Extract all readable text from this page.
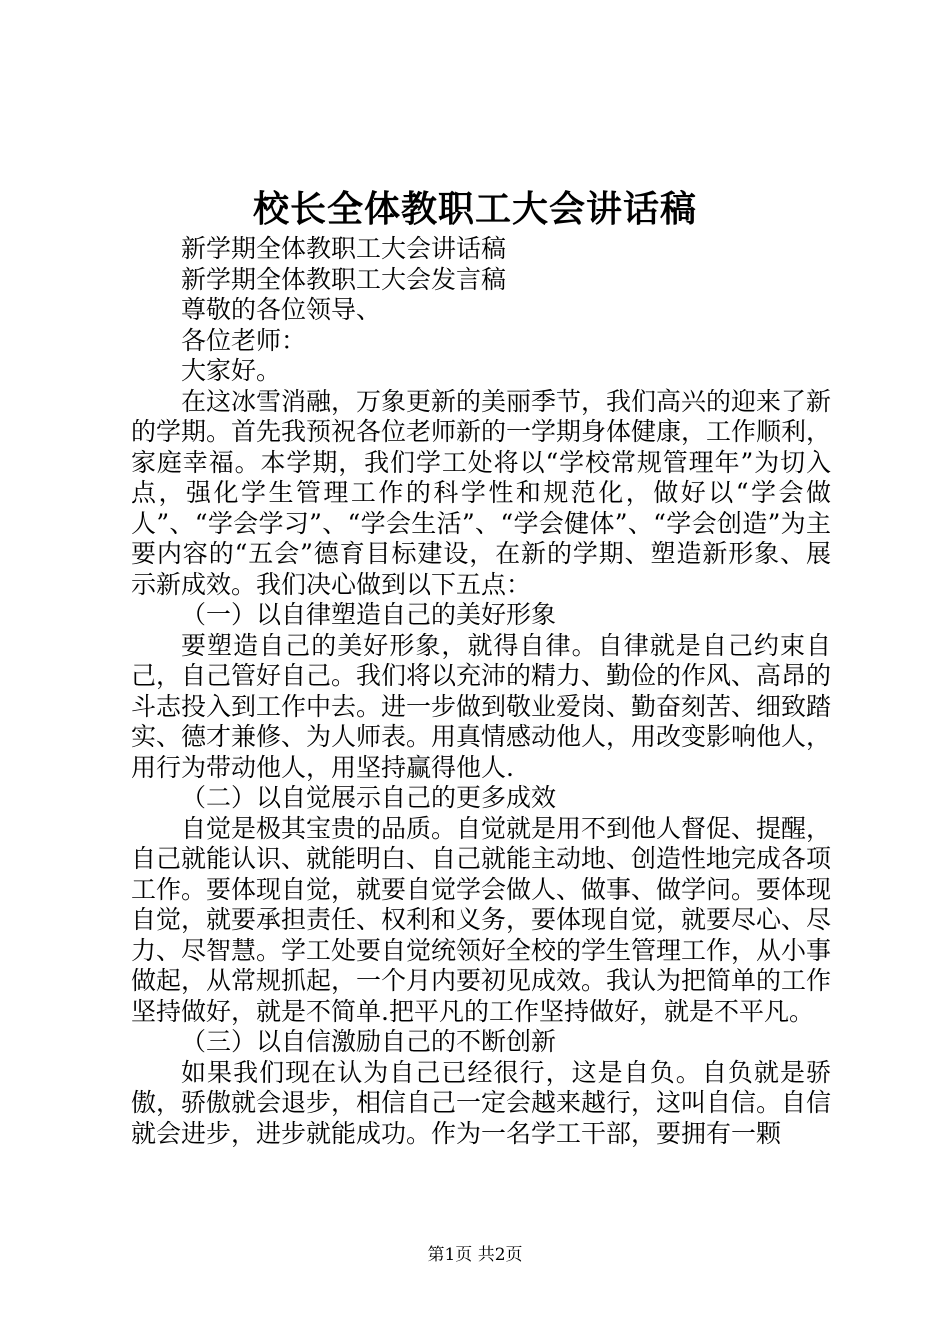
校长全体教职工大会讲话稿

新学期全体教职工大会讲话稿

新学期全体教职工大会发言稿

尊敬的各位领导、

各位老师：

大家好。

在这冰雪消融，万象更新的美丽季节，我们高兴的迎来了新的学期。首先我预祝各位老师新的一学期身体健康，工作顺利，家庭幸福。本学期，我们学工处将以“学校常规管理年”为切入点，强化学生管理工作的科学性和规范化，做好以“学会做人”、“学会学习”、“学会生活”、“学会健体”、“学会创造”为主要内容的“五会”德育目标建设，在新的学期、塑造新形象、展示新成效。我们决心做到以下五点：

（一）以自律塑造自己的美好形象

要塑造自己的美好形象，就得自律。自律就是自己约束自己，自己管好自己。我们将以充沛的精力、勤俭的作风、高昂的斗志投入到工作中去。进一步做到敬业爱岗、勤奋刻苦、细致踏实、德才兼修、为人师表。用真情感动他人，用改变影响他人，用行为带动他人，用坚持赢得他人.

（二）以自觉展示自己的更多成效

自觉是极其宝贵的品质。自觉就是用不到他人督促、提醒，自己就能认识、就能明白、自己就能主动地、创造性地完成各项工作。要体现自觉，就要自觉学会做人、做事、做学问。要体现自觉，就要承担责任、权利和义务，要体现自觉，就要尽心、尽力、尽智慧。学工处要自觉统领好全校的学生管理工作，从小事做起，从常规抓起，一个月内要初见成效。我认为把简单的工作坚持做好，就是不简单.把平凡的工作坚持做好，就是不平凡。

（三）以自信激励自己的不断创新

如果我们现在认为自己已经很行，这是自负。自负就是骄傲，骄傲就会退步，相信自己一定会越来越行，这叫自信。自信就会进步，进步就能成功。作为一名学工干部，要拥有一颗

第1页 共2页
